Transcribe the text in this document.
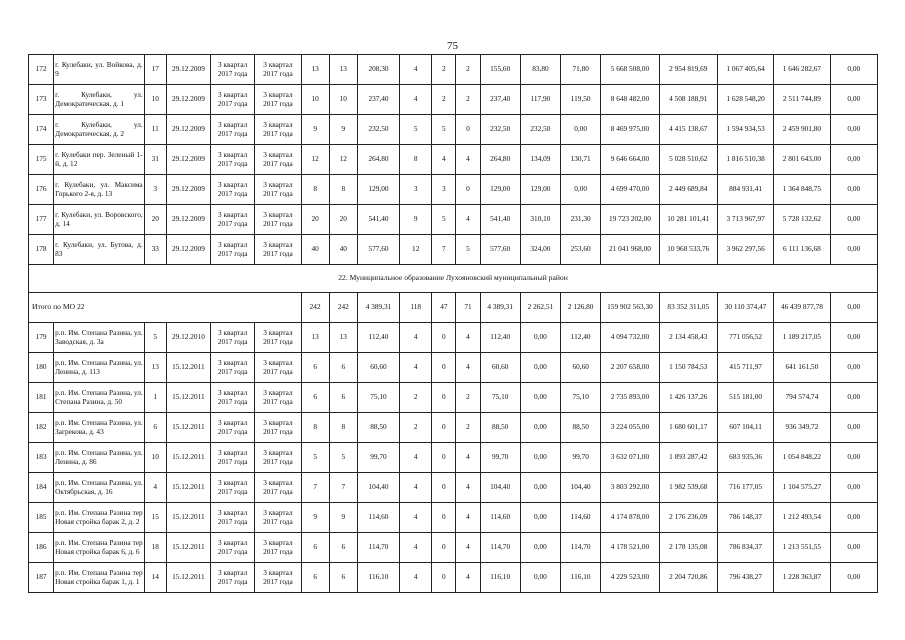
75
172	г. Кулебаки, ул. Войкова, д. 9	17	29.12.2009	3 квартал 2017 года	3 квартал 2017 года	13	13	208,30	4	2	2	155,60	83,80	71,80	5 668 508,00	2 954 819,69	1 067 405,64	1 646 282,67	0,00
173	г. Кулебаки, ул. Демократическая, д. 1	10	29.12.2009	3 квартал 2017 года	3 квартал 2017 года	10	10	237,40	4	2	2	237,40	117,90	119,50	8 648 482,00	4 508 188,91	1 628 548,20	2 511 744,89	0,00
174	г. Кулебаки, ул. Демократическая, д. 2	11	29.12.2009	3 квартал 2017 года	3 квартал 2017 года	9	9	232,50	5	5	0	232,50	232,50	0,00	8 469 975,00	4 415 138,67	1 594 934,53	2 459 901,80	0,00
175	г. Кулебаки пер. Зеленый 1-й, д. 12	31	29.12.2009	3 квартал 2017 года	3 квартал 2017 года	12	12	264,80	8	4	4	264,80	134,09	130,71	9 646 664,00	5 028 510,62	1 816 510,38	2 801 643,00	0,00
176	г. Кулебаки, ул. Максима Горького 2-я, д. 13	3	29.12.2009	3 квартал 2017 года	3 квартал 2017 года	8	8	129,00	3	3	0	129,00	129,00	0,00	4 699 470,00	2 449 689,84	884 931,41	1 364 848,75	0,00
177	г. Кулебаки, ул. Воровского, д. 14	20	29.12.2009	3 квартал 2017 года	3 квартал 2017 года	20	20	541,40	9	5	4	541,40	310,10	231,30	19 723 202,00	10 281 101,41	3 713 967,97	5 728 132,62	0,00
178	г. Кулебаки, ул. Бутова, д. 83	33	29.12.2009	3 квартал 2017 года	3 квартал 2017 года	40	40	577,60	12	7	5	577,60	324,00	253,60	21 041 968,00	10 968 533,76	3 962 297,56	6 111 136,68	0,00
22. Муниципальное образование Лухояновский муниципальный район																			
Итого по МО 22						242	242	4 389,31	118	47	71	4 389,31	2 262,51	2 126,80	159 902 563,30	83 352 311,05	30 110 374,47	46 439 877,78	0,00
179	р.п. Им. Степана Разина, ул. Заводская, д. 3а	5	29.12.2010	3 квартал 2017 года	3 квартал 2017 года	13	13	112,40	4	0	4	112,40	0,00	112,40	4 094 732,00	2 134 458,43	771 056,52	1 189 217,05	0,00
180	р.п. Им. Степана Разина, ул. Ленина, д. 113	13	15.12.2011	3 квартал 2017 года	3 квартал 2017 года	6	6	60,60	4	0	4	60,60	0,00	60,60	2 207 658,00	1 150 784,53	415 711,97	641 161,50	0,00
181	р.п. Им. Степана Разина, ул. Степана Разина, д. 50	1	15.12.2011	3 квартал 2017 года	3 квартал 2017 года	6	6	75,10	2	0	2	75,10	0,00	75,10	2 735 893,00	1 426 137,26	515 181,00	794 574,74	0,00
182	р.п. Им. Степана Разина, ул. Загрековa, д. 43	6	15.12.2011	3 квартал 2017 года	3 квартал 2017 года	8	8	88,50	2	0	2	88,50	0,00	88,50	3 224 055,00	1 680 601,17	607 104,11	936 349,72	0,00
183	р.п. Им. Степана Разина, ул. Ленина, д. 86	10	15.12.2011	3 квартал 2017 года	3 квартал 2017 года	5	5	99,70	4	0	4	99,70	0,00	99,70	3 632 071,00	1 893 287,42	683 935,36	1 054 848,22	0,00
184	р.п. Им. Степана Разина, ул. Октябрьская, д. 16	4	15.12.2011	3 квартал 2017 года	3 квартал 2017 года	7	7	104,40	4	0	4	104,40	0,00	104,40	3 803 292,00	1 982 539,68	716 177,05	1 104 575,27	0,00
185	р.п. Им. Степана Разина тер Новая стройка барак 2, д. 2	15	15.12.2011	3 квартал 2017 года	3 квартал 2017 года	9	9	114,60	4	0	4	114,60	0,00	114,60	4 174 878,00	2 176 236,09	786 148,37	1 212 493,54	0,00
186	р.п. Им. Степана Разина тер Новая стройка барак 6, д. 6	18	15.12.2011	3 квартал 2017 года	3 квартал 2017 года	6	6	114,70	4	0	4	114,70	0,00	114,70	4 178 521,00	2 178 135,08	786 834,37	1 213 551,55	0,00
187	р.п. Им. Степана Разина тер Новая стройка барак 1, д. 1	14	15.12.2011	3 квартал 2017 года	3 квартал 2017 года	6	6	116,10	4	0	4	116,10	0,00	116,10	4 229 523,00	2 204 720,86	796 438,27	1 228 363,87	0,00
